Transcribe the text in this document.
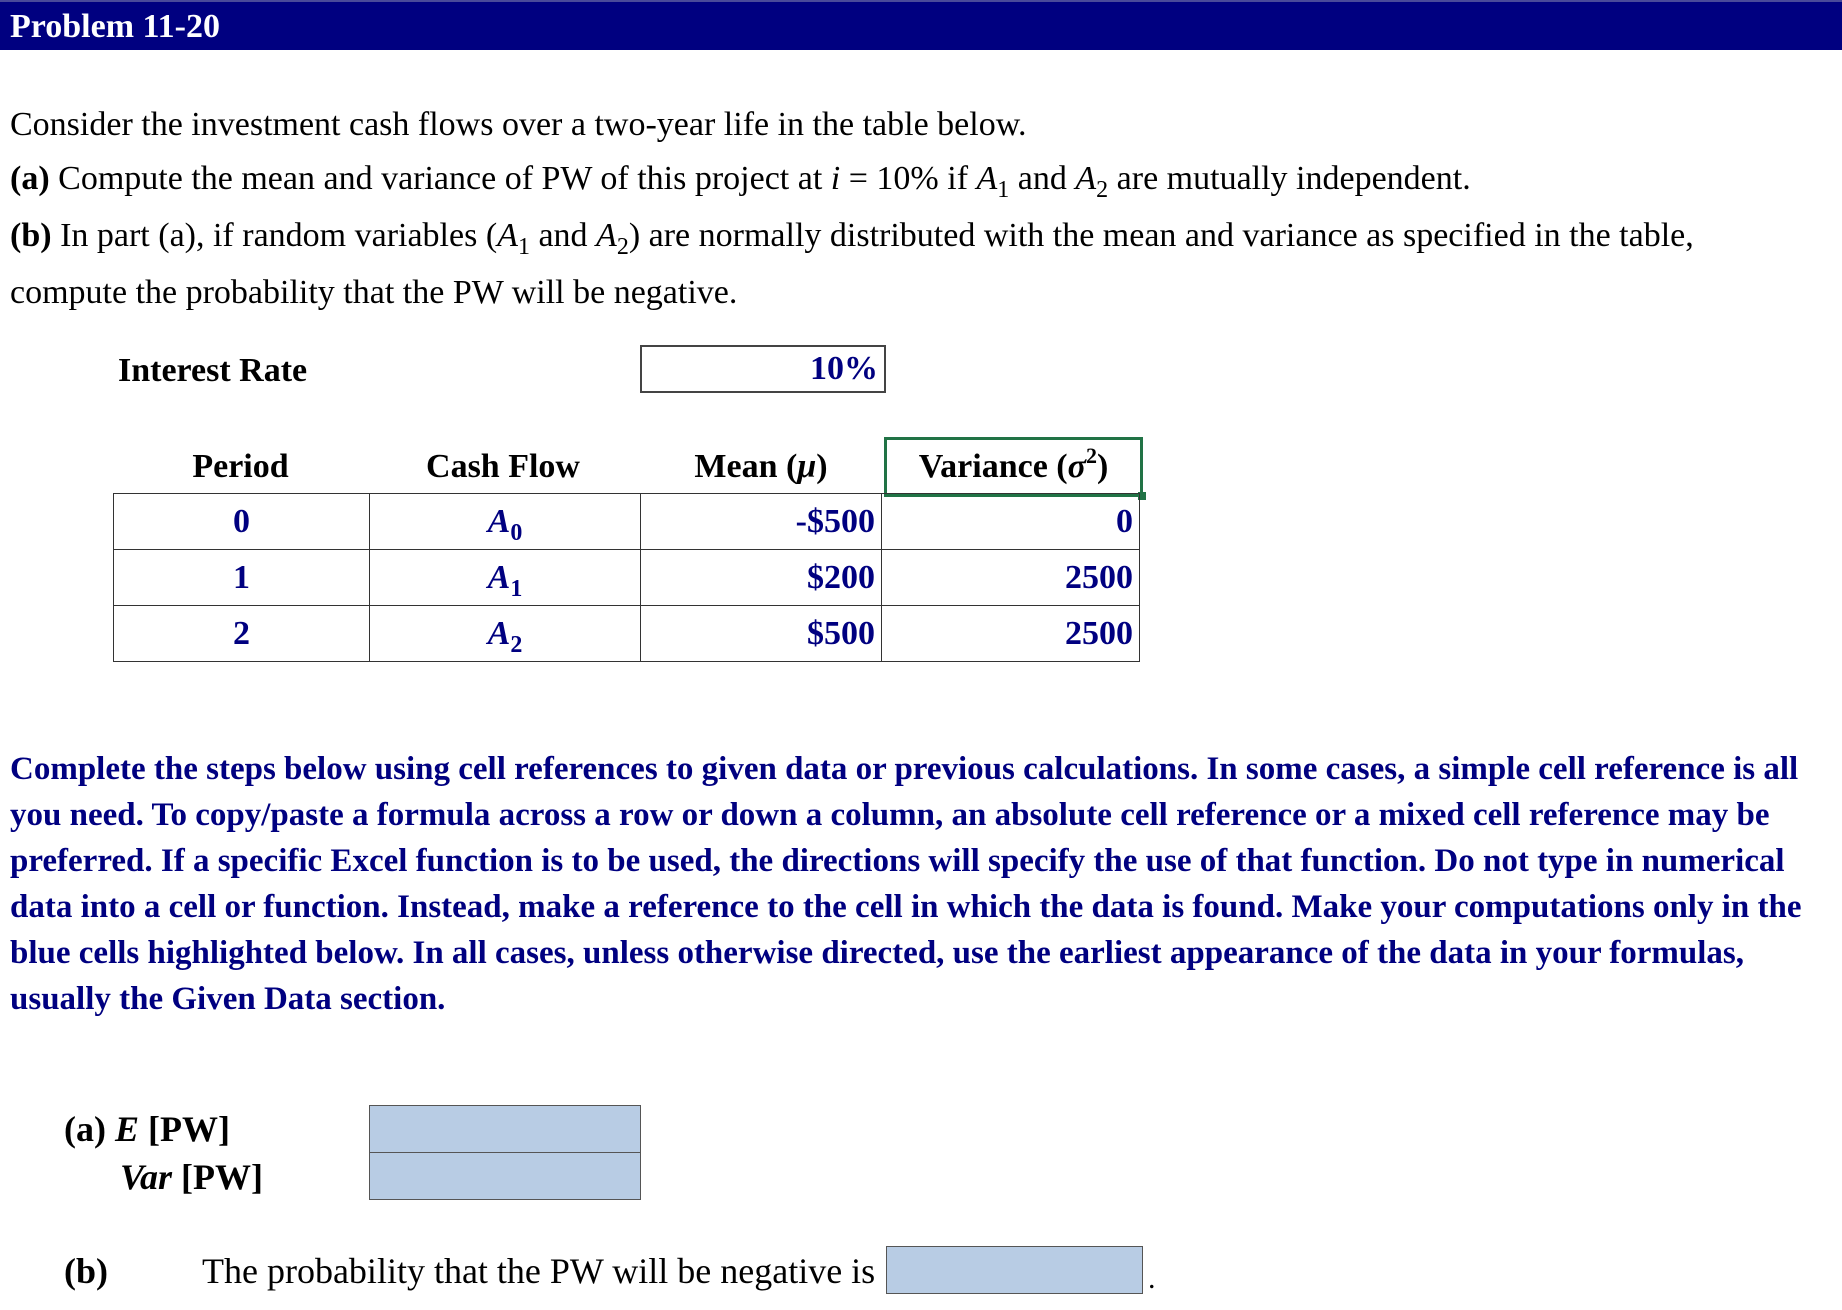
Problem 11-20
Consider the investment cash flows over a two-year life in the table below.
(a) Compute the mean and variance of PW of this project at i = 10% if $A_1$ and $A_2$ are mutually independent.
(b) In part (a), if random variables ($A_1$ and $A_2$) are normally distributed with the mean and variance as specified in the table,
compute the probability that the PW will be negative.
Interest Rate	10%
Period	Cash Flow	Mean (μ)	Variance $(\sigma^2)$
0	$A_0$	-$500	0
1	$A_1$	$200	2500
2	$A_2$	$500	2500
Complete the steps below using cell references to given data or previous calculations. In some cases, a simple cell reference is all you need. To copy/paste a formula across a row or down a column, an absolute cell reference or a mixed cell reference may be preferred. If a specific Excel function is to be used, the directions will specify the use of that function. Do not type in numerical data into a cell or function. Instead, make a reference to the cell in which the data is found. Make your computations only in the blue cells highlighted below. In all cases, unless otherwise directed, use the earliest appearance of the data in your formulas, usually the Given Data section.
(a) E [PW]
Var [PW]
(b)	The probability that the PW will be negative is	.
